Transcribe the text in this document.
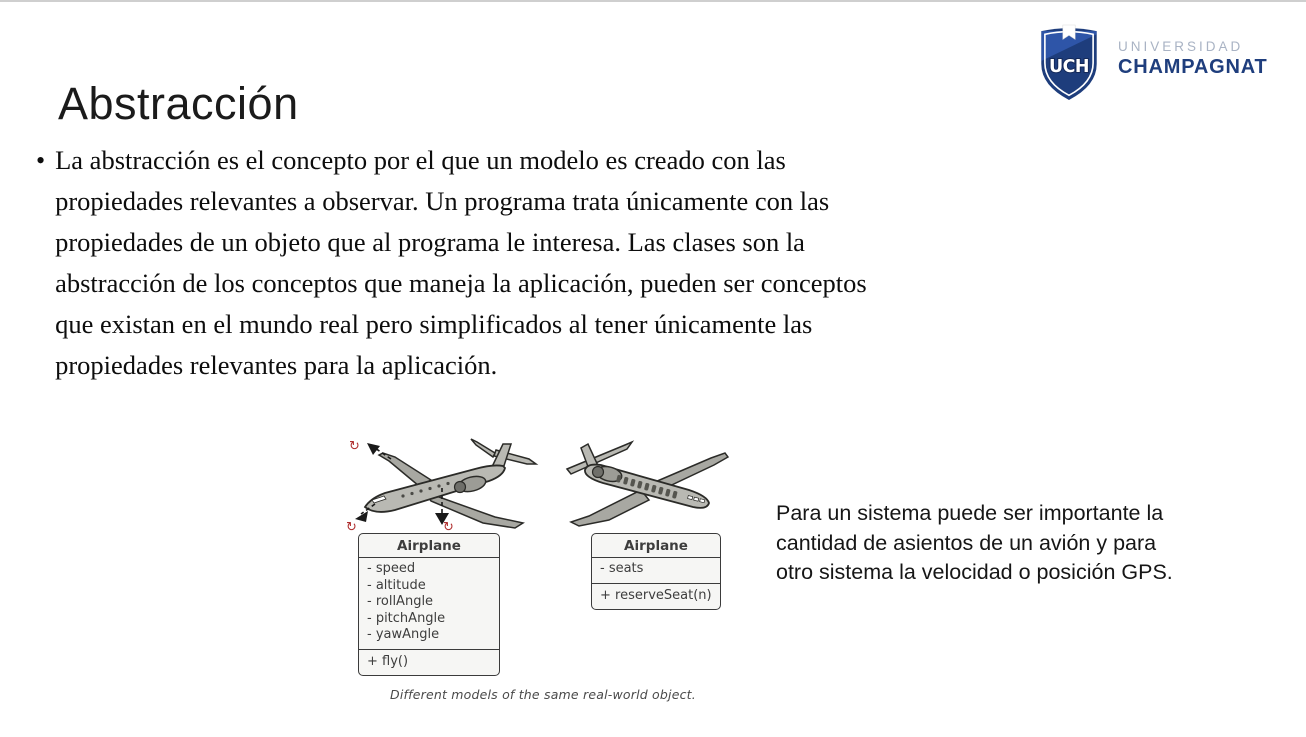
Abstracción
UCH
UNIVERSIDAD
CHAMPAGNAT
• La abstracción es el concepto por el que un modelo es creado con las
propiedades relevantes a observar. Un programa trata únicamente con las
propiedades de un objeto que al programa le interesa. Las clases son la
abstracción de los conceptos que maneja la aplicación, pueden ser conceptos
que existan en el mundo real pero simplificados al tener únicamente las
propiedades relevantes para la aplicación.
↻
↻	↻
Airplane
- speed
- altitude
- rollAngle
- pitchAngle
- yawAngle
+ fly()
Airplane
- seats
+ reserveSeat(n)
Different models of the same real-world object.
Para un sistema puede ser importante la
cantidad de asientos de un avión y para
otro sistema la velocidad o posición GPS.
